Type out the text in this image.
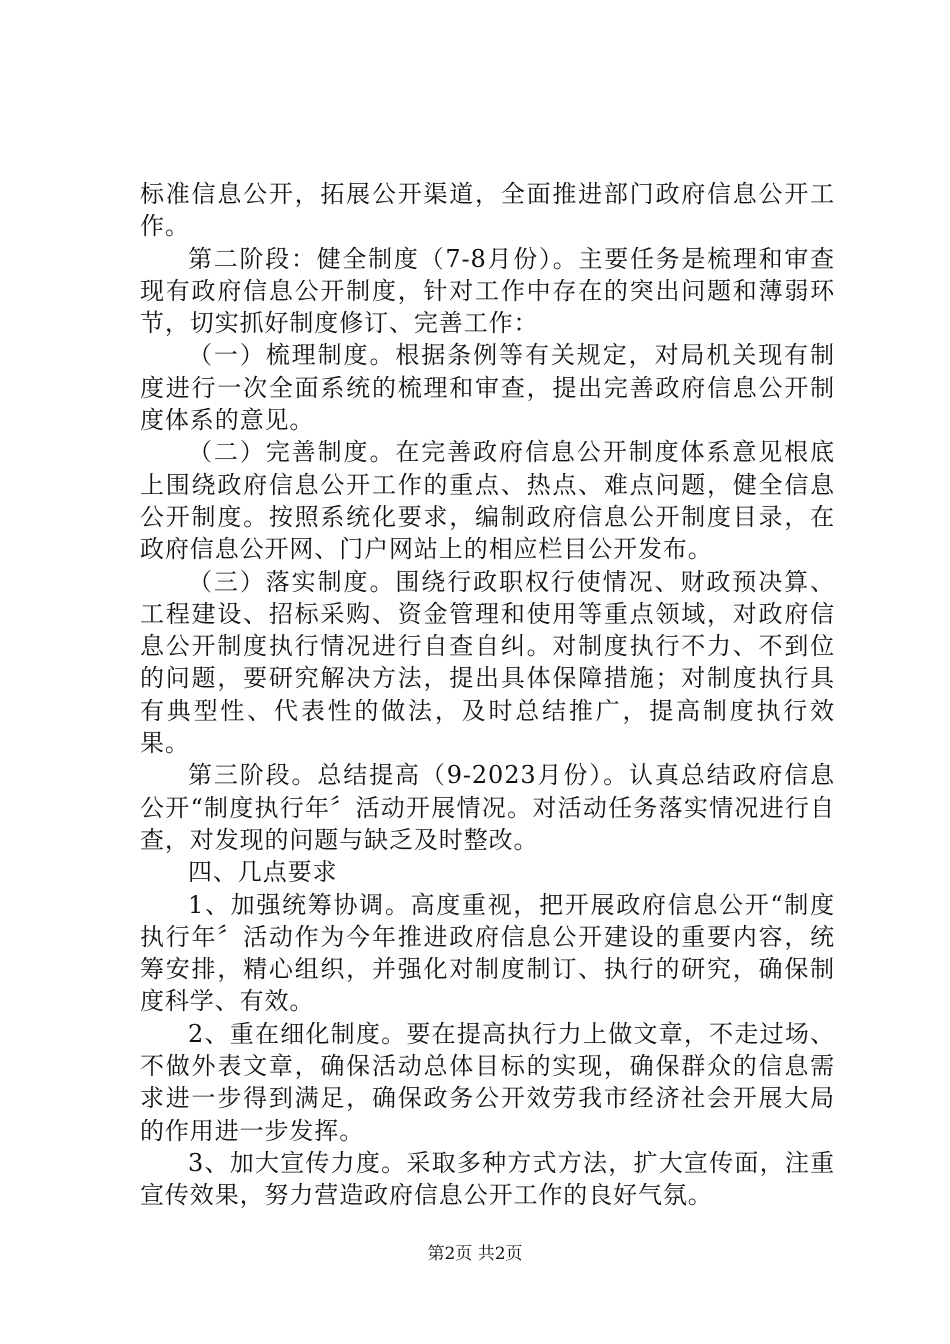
标准信息公开，拓展公开渠道，全面推进部门政府信息公开工作。

第二阶段：健全制度（7-8月份）。主要任务是梳理和审查现有政府信息公开制度，针对工作中存在的突出问题和薄弱环节，切实抓好制度修订、完善工作：

（一）梳理制度。根据条例等有关规定，对局机关现有制度进行一次全面系统的梳理和审查，提出完善政府信息公开制度体系的意见。

（二）完善制度。在完善政府信息公开制度体系意见根底上围绕政府信息公开工作的重点、热点、难点问题，健全信息公开制度。按照系统化要求，编制政府信息公开制度目录，在政府信息公开网、门户网站上的相应栏目公开发布。

（三）落实制度。围绕行政职权行使情况、财政预决算、工程建设、招标采购、资金管理和使用等重点领域，对政府信息公开制度执行情况进行自查自纠。对制度执行不力、不到位的问题，要研究解决方法，提出具体保障措施；对制度执行具有典型性、代表性的做法，及时总结推广，提高制度执行效果。

第三阶段。总结提高（9-2023月份）。认真总结政府信息公开“制度执行年〞活动开展情况。对活动任务落实情况进行自查，对发现的问题与缺乏及时整改。

四、几点要求

1、加强统筹协调。高度重视，把开展政府信息公开“制度执行年〞活动作为今年推进政府信息公开建设的重要内容，统筹安排，精心组织，并强化对制度制订、执行的研究，确保制度科学、有效。

2、重在细化制度。要在提高执行力上做文章，不走过场、不做外表文章，确保活动总体目标的实现，确保群众的信息需求进一步得到满足，确保政务公开效劳我市经济社会开展大局的作用进一步发挥。

3、加大宣传力度。采取多种方式方法，扩大宣传面，注重宣传效果，努力营造政府信息公开工作的良好气氛。

第2页 共2页
